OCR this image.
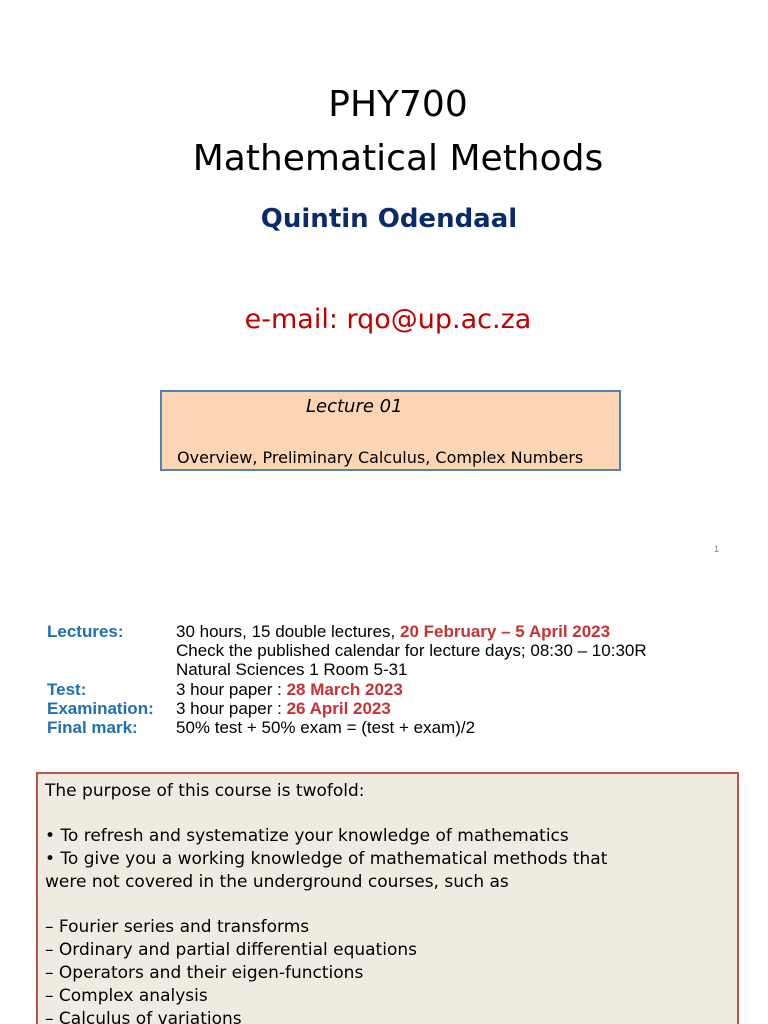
PHY700
Mathematical Methods
Quintin Odendaal
e-mail: rqo@up.ac.za
Lecture 01
Overview, Preliminary Calculus, Complex Numbers
1
Lectures:	30 hours, 15 double lectures, 20 February – 5 April 2023
Check the published calendar for lecture days; 08:30 – 10:30R
Natural Sciences 1 Room 5-31
Test:	3 hour paper : 28 March 2023
Examination: 3 hour paper : 26 April 2023
Final mark: 50% test + 50% exam = (test + exam)/2

The purpose of this course is twofold:

• To refresh and systematize your knowledge of mathematics

• To give you a working knowledge of mathematical methods that

were not covered in the underground courses, such as

– Fourier series and transforms

– Ordinary and partial differential equations

– Operators and their eigen-functions

– Complex analysis

– Calculus of variations
